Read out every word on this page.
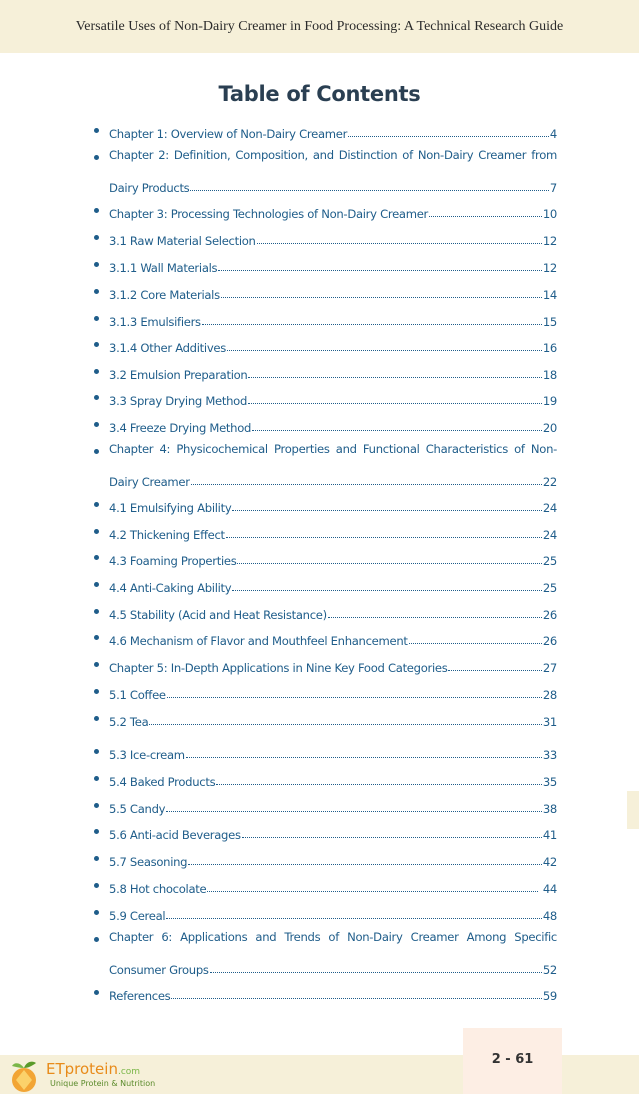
Versatile Uses of Non-Dairy Creamer in Food Processing: A Technical Research Guide
Table of Contents
Chapter 1: Overview of Non-Dairy Creamer	4
Chapter 2: Definition, Composition, and Distinction of Non-Dairy Creamer from
Dairy Products	7
Chapter 3: Processing Technologies of Non-Dairy Creamer	10
3.1 Raw Material Selection	12
3.1.1 Wall Materials	12
3.1.2 Core Materials	14
3.1.3 Emulsifiers	15
3.1.4 Other Additives	16
3.2 Emulsion Preparation	18
3.3 Spray Drying Method	19
3.4 Freeze Drying Method	20
Chapter 4: Physicochemical Properties and Functional Characteristics of Non-
Dairy Creamer	22
4.1 Emulsifying Ability	24
4.2 Thickening Effect	24
4.3 Foaming Properties	25
4.4 Anti-Caking Ability	25
4.5 Stability (Acid and Heat Resistance)	26
4.6 Mechanism of Flavor and Mouthfeel Enhancement	26
Chapter 5: In-Depth Applications in Nine Key Food Categories	27
5.1 Coffee	28
5.2 Tea	31
5.3 Ice-cream	33
5.4 Baked Products	35
5.5 Candy	38
5.6 Anti-acid Beverages	41
5.7 Seasoning	42
5.8 Hot chocolate	44
5.9 Cereal	48
Chapter 6: Applications and Trends of Non-Dairy Creamer Among Specific
Consumer Groups	52
References	59
2 - 61
ETprotein.com
Unique Protein & Nutrition
